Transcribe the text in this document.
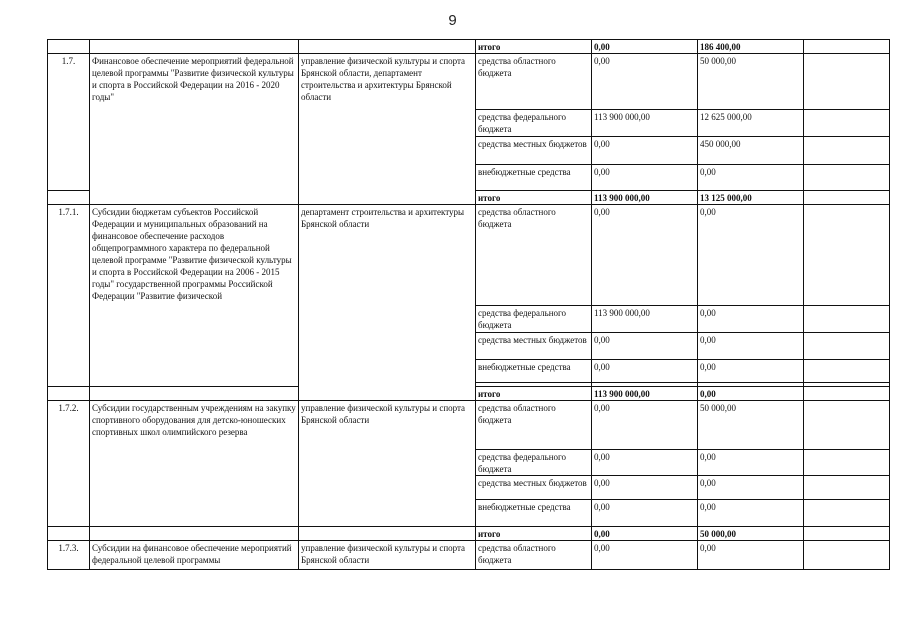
9
			итого	0,00	186 400,00	
1.7.	Финансовое обеспечение мероприятий федеральной целевой программы "Развитие физической культуры и спорта в Российской Федерации на 2016 - 2020 годы"	управление физической культуры и спорта Брянской области, департамент строительства и архитектуры Брянской области	средства областного бюджета	0,00	50 000,00	
			средства федерального бюджета	113 900 000,00	12 625 000,00	
			средства местных бюджетов	0,00	450 000,00	
			внебюджетные средства	0,00	0,00	
			итого	113 900 000,00	13 125 000,00	
1.7.1.	Субсидии бюджетам субъектов Российской Федерации и муниципальных образований на финансовое обеспечение расходов общепрограммного характера по федеральной целевой программе "Развитие физической культуры и спорта в Российской Федерации на 2006 - 2015 годы" государственной программы Российской Федерации "Развитие физической	департамент строительства и архитектуры Брянской области	средства областного бюджета	0,00	0,00	
			средства федерального бюджета	113 900 000,00	0,00	
			средства местных бюджетов	0,00	0,00	
			внебюджетные средства	0,00	0,00	

			итого	113 900 000,00	0,00	
1.7.2.	Субсидии государственным учреждениям на закупку спортивного оборудования для детско-юношеских спортивных школ олимпийского резерва	управление физической культуры и спорта Брянской области	средства областного бюджета	0,00	50 000,00	
			средства федерального бюджета	0,00	0,00	
			средства местных бюджетов	0,00	0,00	
			внебюджетные средства	0,00	0,00	
			итого	0,00	50 000,00	
1.7.3.	Субсидии на финансовое обеспечение мероприятий федеральной целевой программы	управление физической культуры и спорта Брянской области	средства областного бюджета	0,00	0,00	
